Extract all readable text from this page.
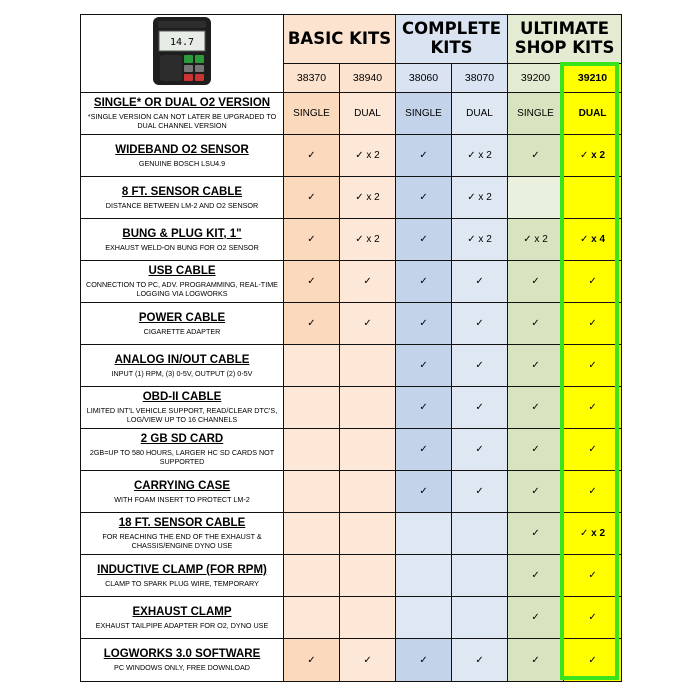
14.7	BASIC KITS		COMPLETE KITS		ULTIMATE SHOP KITS	
	38370	38940	38060	38070	39200	39210

SINGLE* OR DUAL O2 VERSION
*SINGLE VERSION CAN NOT LATER BE UPGRADED TO DUAL CHANNEL VERSION	SINGLE	DUAL	SINGLE	DUAL	SINGLE	DUAL

WIDEBAND O2 SENSOR
GENUINE BOSCH LSU4.9	✓	✓ x 2	✓	✓ x 2	✓	✓ x 2

8 FT. SENSOR CABLE
DISTANCE BETWEEN LM-2 AND O2 SENSOR	✓	✓ x 2	✓	✓ x 2		

BUNG & PLUG KIT, 1"
EXHAUST WELD-ON BUNG FOR O2 SENSOR	✓	✓ x 2	✓	✓ x 2	✓ x 2	✓ x 4

USB CABLE
CONNECTION TO PC, ADV. PROGRAMMING, REAL-TIME LOGGING VIA LOGWORKS	✓	✓	✓	✓	✓	✓

POWER CABLE
CIGARETTE ADAPTER	✓	✓	✓	✓	✓	✓

ANALOG IN/OUT CABLE
INPUT (1) RPM, (3) 0-5V, OUTPUT (2) 0-5V			✓	✓	✓	✓

OBD-II CABLE
LIMITED INT'L VEHICLE SUPPORT, READ/CLEAR DTC'S, LOG/VIEW UP TO 16 CHANNELS			✓	✓	✓	✓

2 GB SD CARD
2GB=UP TO 580 HOURS, LARGER HC SD CARDS NOT SUPPORTED			✓	✓	✓	✓

CARRYING CASE
WITH FOAM INSERT TO PROTECT LM-2			✓	✓	✓	✓

18 FT. SENSOR CABLE
FOR REACHING THE END OF THE EXHAUST & CHASSIS/ENGINE DYNO USE					✓	✓ x 2

INDUCTIVE CLAMP (FOR RPM)
CLAMP TO SPARK PLUG WIRE, TEMPORARY					✓	✓

EXHAUST CLAMP
EXHAUST TAILPIPE ADAPTER FOR O2, DYNO USE					✓	✓

LOGWORKS 3.0 SOFTWARE
PC WINDOWS ONLY, FREE DOWNLOAD	✓	✓	✓	✓	✓	✓
